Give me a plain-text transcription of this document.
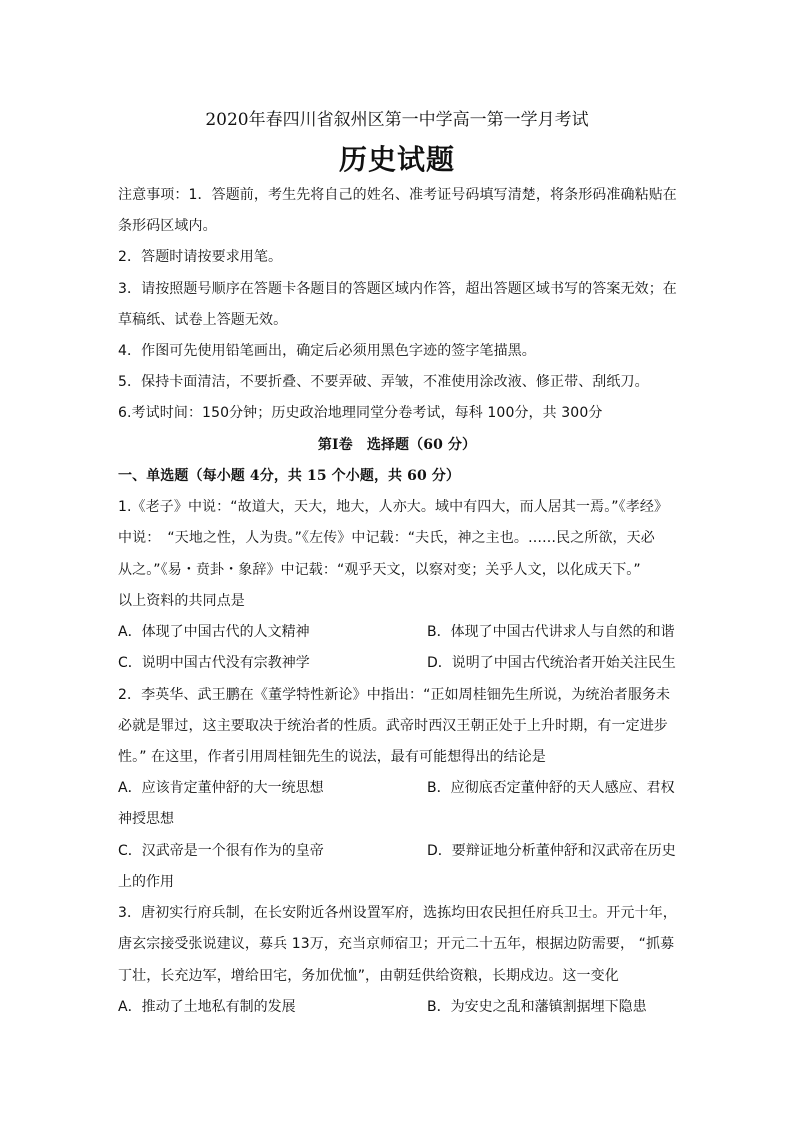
2020年春四川省叙州区第一中学高一第一学月考试
历史试题
注意事项：1．答题前，考生先将自己的姓名、准考证号码填写清楚，将条形码准确粘贴在
条形码区域内。
2．答题时请按要求用笔。
3．请按照题号顺序在答题卡各题目的答题区域内作答，超出答题区域书写的答案无效；在
草稿纸、试卷上答题无效。
4．作图可先使用铅笔画出，确定后必须用黑色字迹的签字笔描黑。
5．保持卡面清洁，不要折叠、不要弄破、弄皱，不准使用涂改液、修正带、刮纸刀。
6.考试时间：150分钟；历史政治地理同堂分卷考试，每科 100分，共 300分
第Ⅰ卷　选择题（60 分）
一、单选题（每小题 4分，共 15 个小题，共 60 分）
1.《老子》中说：“故道大，天大，地大，人亦大。域中有四大，而人居其一焉。”《孝经》
中说：　“天地之性，人为贵。”《左传》中记载：“夫氏，神之主也。……民之所欲，天必
从之。”《易・贲卦・象辞》中记载：“观乎天文，以察对变；关乎人文，以化成天下。”
以上资料的共同点是
A．体现了中国古代的人文精神	B．体现了中国古代讲求人与自然的和谐
C．说明中国古代没有宗教神学	D．说明了中国古代统治者开始关注民生
2．李英华、武王鹏在《董学特性新论》中指出：“正如周桂钿先生所说，为统治者服务未
必就是罪过，这主要取决于统治者的性质。武帝时西汉王朝正处于上升时期，有一定进步
性。” 在这里，作者引用周桂钿先生的说法，最有可能想得出的结论是
A．应该肯定董仲舒的大一统思想	B．应彻底否定董仲舒的天人感应、君权
神授思想
C．汉武帝是一个很有作为的皇帝	D．要辩证地分析董仲舒和汉武帝在历史
上的作用
3．唐初实行府兵制，在长安附近各州设置军府，选拣均田农民担任府兵卫士。开元十年，
唐玄宗接受张说建议，募兵 13万，充当京师宿卫；开元二十五年，根据边防需要， “抓募
丁壮，长充边军，增给田宅，务加优恤”，由朝廷供给资粮，长期戍边。这一变化
A．推动了土地私有制的发展	B．为安史之乱和藩镇割据埋下隐患
